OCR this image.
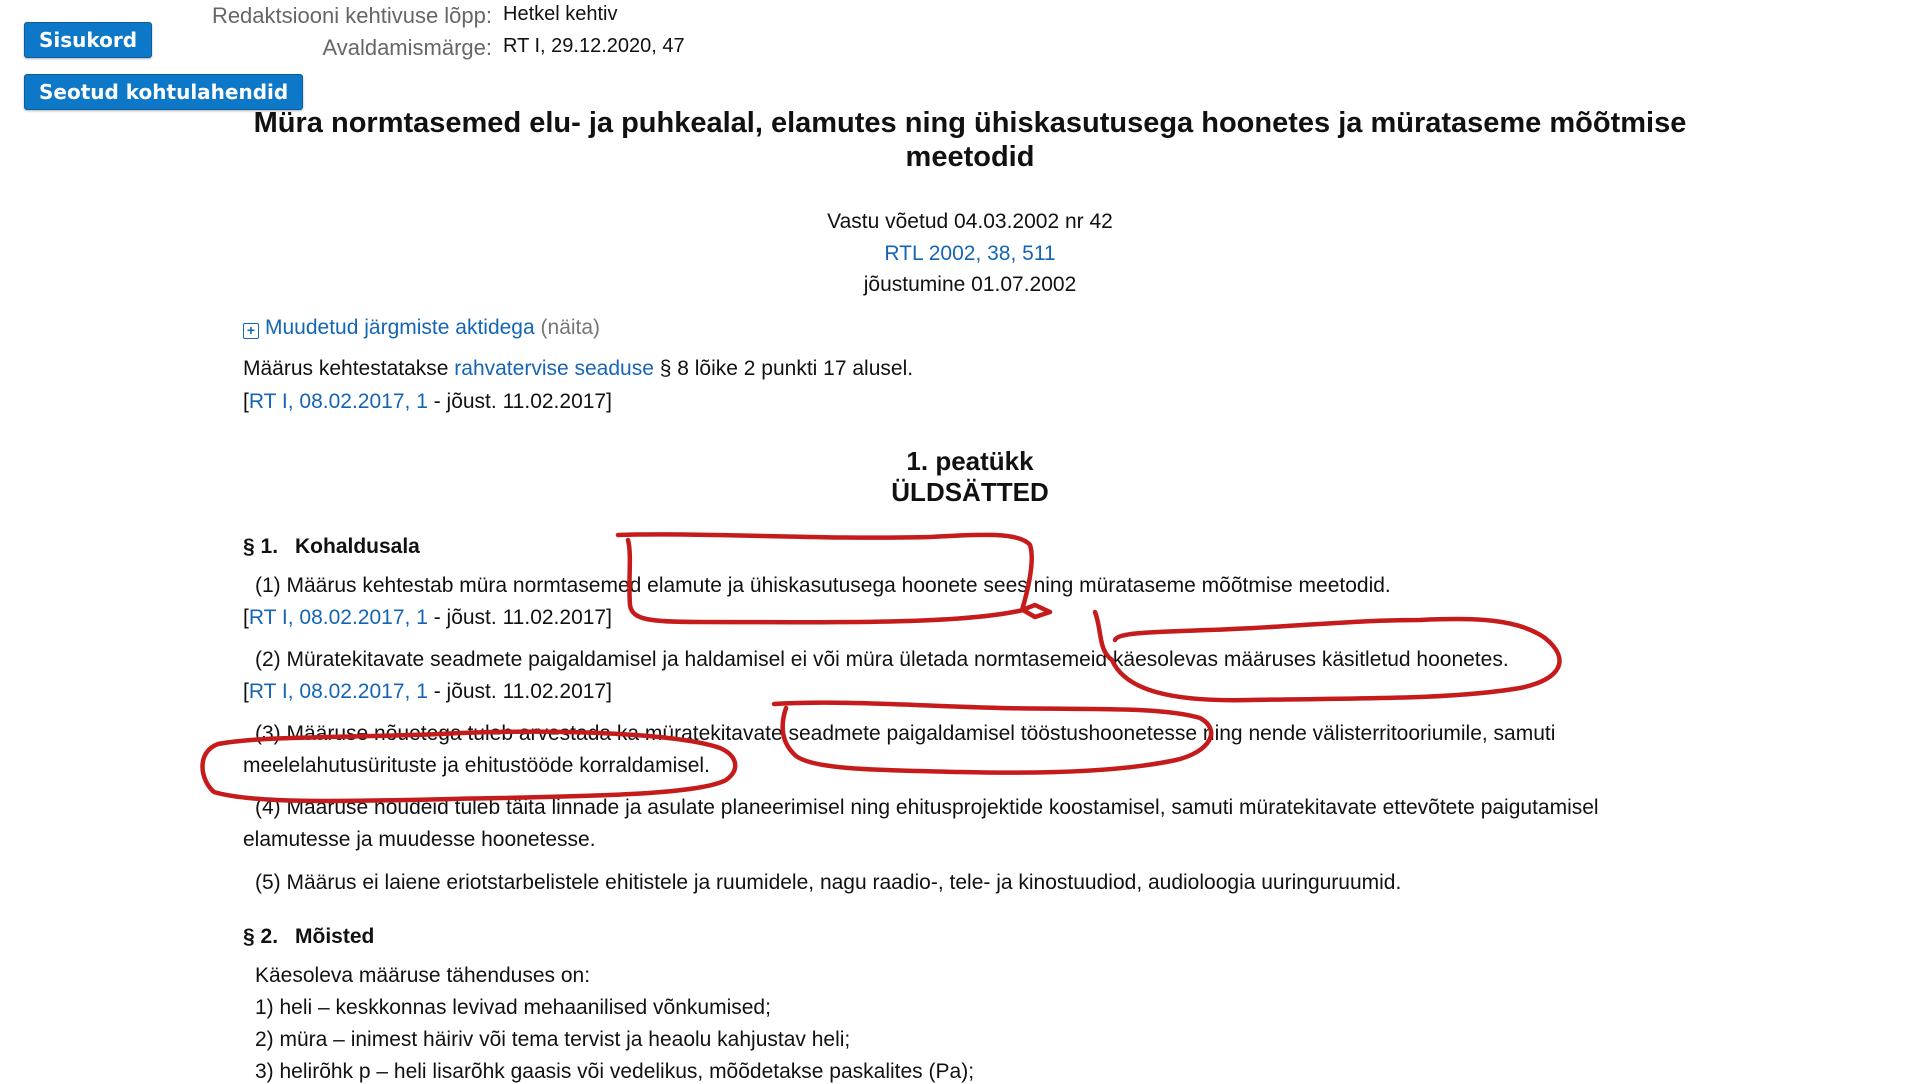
Sisukord
Seotud kohtulahendid
Redaktsiooni kehtivuse lõpp: Hetkel kehtiv
Avaldamismärge: RT I, 29.12.2020, 47
Müra normtasemed elu- ja puhkealal, elamutes ning ühiskasutusega hoonetes ja mürataseme mõõtmise meetodid
Vastu võetud 04.03.2002 nr 42
RTL 2002, 38, 511
jõustumine 01.07.2002
+ Muudetud järgmiste aktidega (näita)
Määrus kehtestatakse rahvatervise seaduse § 8 lõike 2 punkti 17 alusel.
[RT I, 08.02.2017, 1 - jõust. 11.02.2017]
1. peatükk
ÜLDSÄTTED
§ 1. Kohaldusala
(1) Määrus kehtestab müra normtasemed elamute ja ühiskasutusega hoonete sees ning mürataseme mõõtmise meetodid.
[RT I, 08.02.2017, 1 - jõust. 11.02.2017]
(2) Müratekitavate seadmete paigaldamisel ja haldamisel ei või müra ületada normtasemeid käesolevas määruses käsitletud hoonetes.
[RT I, 08.02.2017, 1 - jõust. 11.02.2017]
(3) Määruse nõuetega tuleb arvestada ka müratekitavate seadmete paigaldamisel tööstushoonetesse ning nende välisterritooriumile, samuti
meelelahutusürituste ja ehitustööde korraldamisel.
(4) Määruse nõudeid tuleb täita linnade ja asulate planeerimisel ning ehitusprojektide koostamisel, samuti müratekitavate ettevõtete paigutamisel
elamutesse ja muudesse hoonetesse.
(5) Määrus ei laiene eriotstarbelistele ehitistele ja ruumidele, nagu raadio-, tele- ja kinostuudiod, audioloogia uuringuruumid.
§ 2. Mõisted
Käesoleva määruse tähenduses on:
1) heli – keskkonnas levivad mehaanilised võnkumised;
2) müra – inimest häiriv või tema tervist ja heaolu kahjustav heli;
3) helirõhk p – heli lisarõhk gaasis või vedelikus, mõõdetakse paskalites (Pa);
